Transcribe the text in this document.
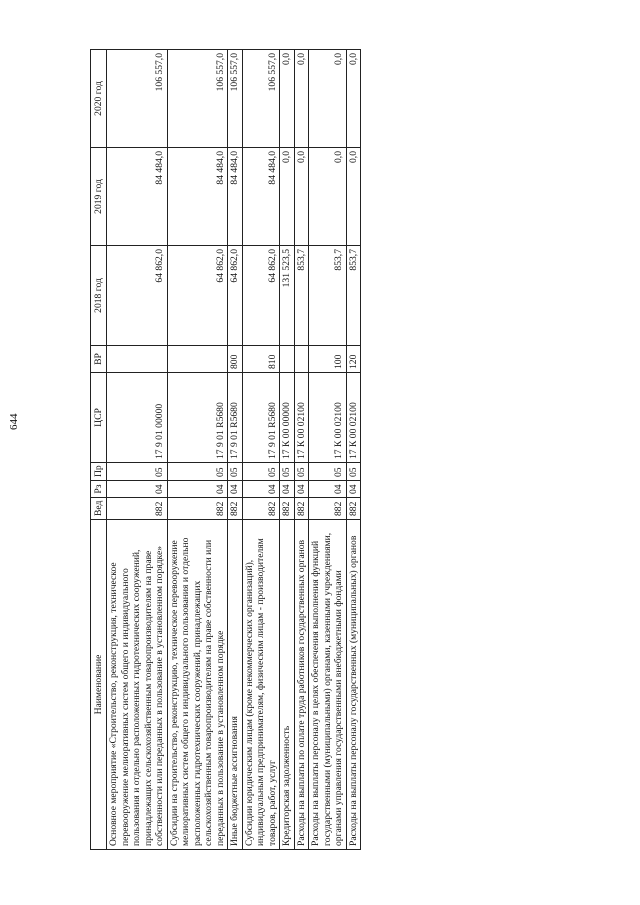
644
Наименование	Вед	Рз	Пр	ЦСР	ВР	2018 год	2019 год	2020 год
Основное мероприятие «Строительство, реконструкция, техническое перевооружение мелиоративных систем общего и индивидуального пользования и отдельно расположенных гидротехнических сооружений, принадлежащих сельскохозяйственным товаропроизводителям на праве собственности или переданных в пользование в установленном порядке»	882	04	05	17 9 01 00000		64 862,0	84 484,0	106 557,0
Субсидии на строительство, реконструкцию, техническое перевооружение мелиоративных систем общего и индивидуального пользования и отдельно расположенных гидротехнических сооружений, принадлежащих сельскохозяйственным товаропроизводителям на праве собственности или переданных в пользование в установленном порядке	882	04	05	17 9 01 R5680		64 862,0	84 484,0	106 557,0
Иные бюджетные ассигнования	882	04	05	17 9 01 R5680	800	64 862,0	84 484,0	106 557,0
Субсидии юридическим лицам (кроме некоммерческих организаций), индивидуальным предпринимателям, физическим лицам - производителям товаров, работ, услуг	882	04	05	17 9 01 R5680	810	64 862,0	84 484,0	106 557,0
Кредиторская задолженность	882	04	05	17 К 00 00000		131 523,5	0,0	0,0
Расходы на выплаты по оплате труда работников государственных органов	882	04	05	17 К 00 02100		853,7	0,0	0,0
Расходы на выплаты персоналу в целях обеспечения выполнения функций государственными (муниципальными) органами, казенными учреждениями, органами управления государственными внебюджетными фондами	882	04	05	17 К 00 02100	100	853,7	0,0	0,0
Расходы на выплаты персоналу государственных (муниципальных) органов	882	04	05	17 К 00 02100	120	853,7	0,0	0,0
